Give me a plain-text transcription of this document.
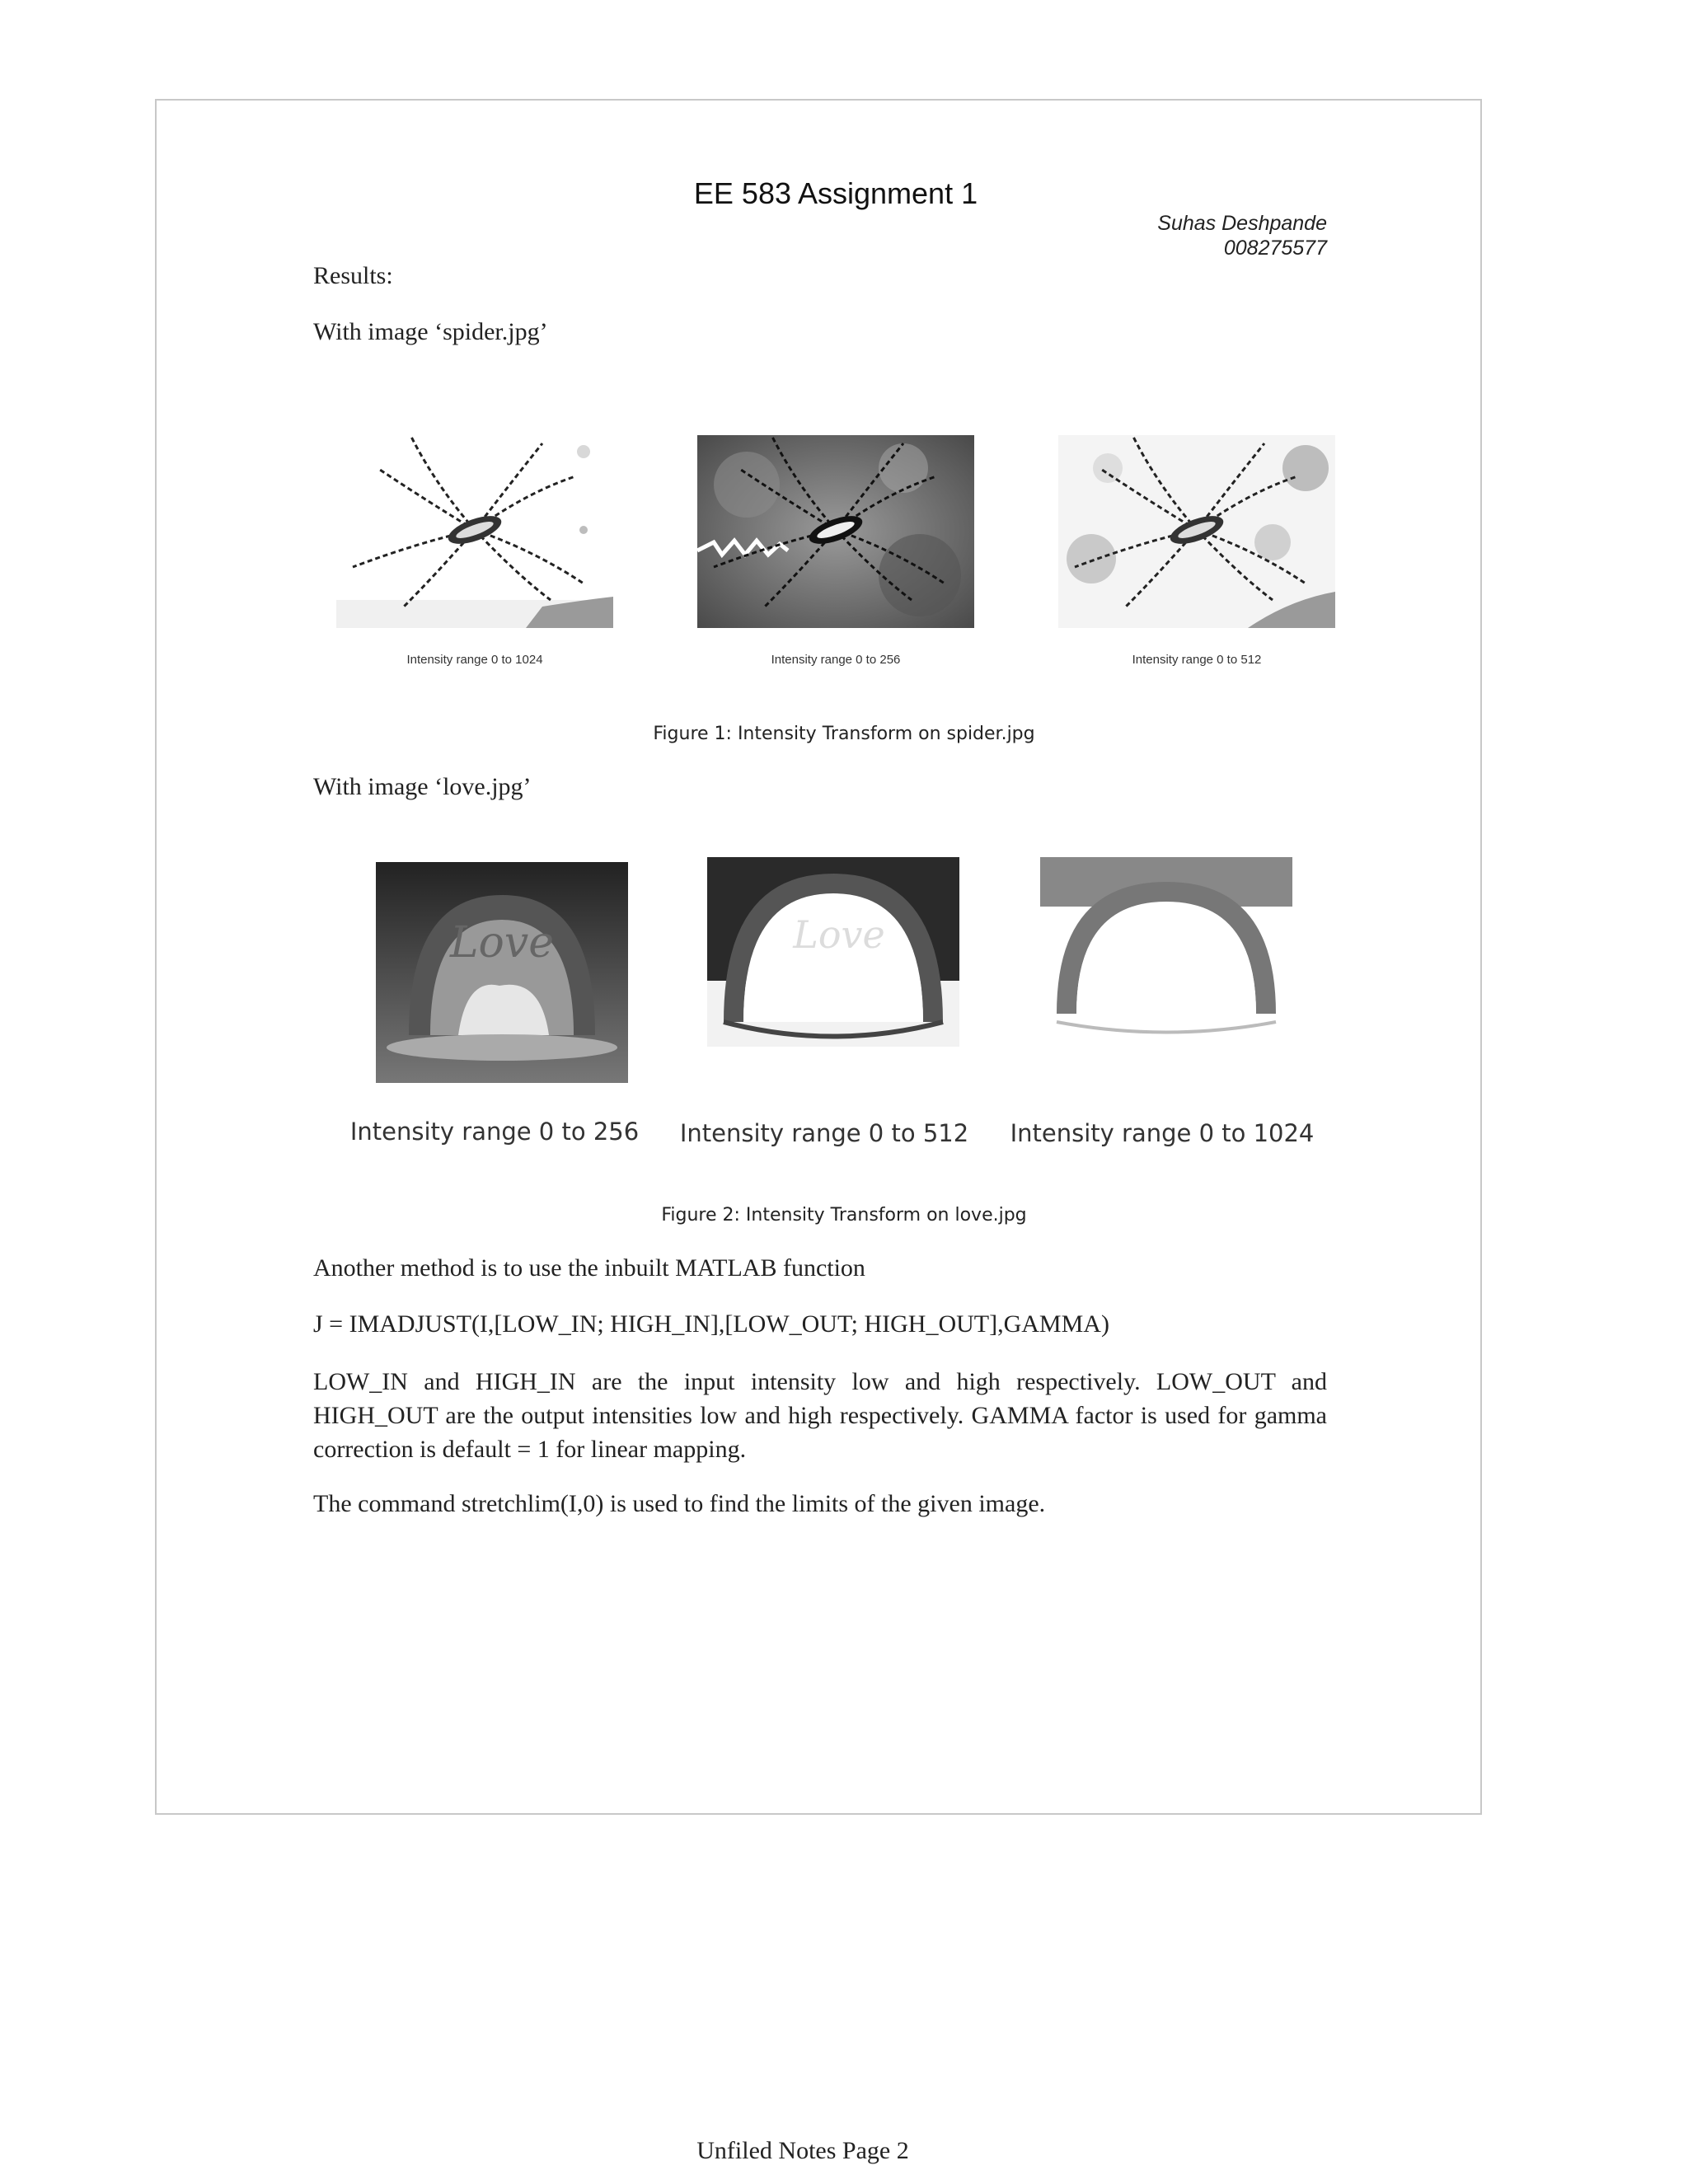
EE 583 Assignment 1
Suhas Deshpande
008275577
Results:
With image ‘spider.jpg’
Intensity range 0 to 1024	Intensity range 0 to 256	Intensity range 0 to 512
Figure 1: Intensity Transform on spider.jpg
With image ‘love.jpg’
Love	Love
Intensity range 0 to 256	Intensity range 0 to 512	Intensity range 0 to 1024
Figure 2: Intensity Transform on love.jpg
Another method is to use the inbuilt MATLAB function
J = IMADJUST(I,[LOW_IN; HIGH_IN],[LOW_OUT; HIGH_OUT],GAMMA)
LOW_IN and HIGH_IN are the input intensity low and high respectively. LOW_OUT and HIGH_OUT are the output intensities low and high respectively. GAMMA factor is used for gamma correction is default = 1 for linear mapping.
The command stretchlim(I,0) is used to find the limits of the given image.
Unfiled Notes Page 2
